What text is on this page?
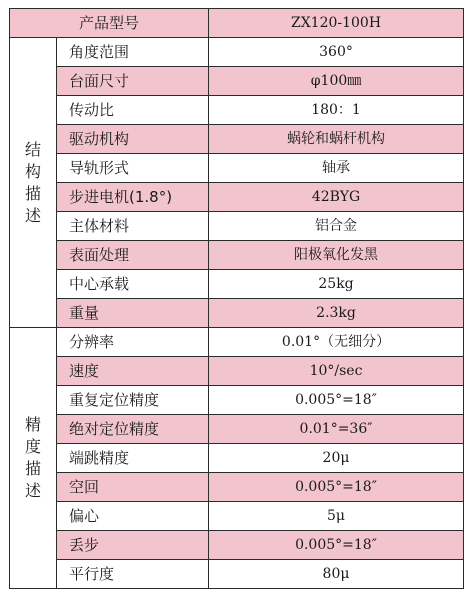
产品型号		ZX120-100H

结
构
描
述	角度范围	360°
	台面尺寸	φ100㎜
	传动比	180：1
	驱动机构	蜗轮和蜗杆机构
	导轨形式	轴承
	步进电机(1.8°)	42BYG
	主体材料	铝合金
	表面处理	阳极氧化发黑
	中心承载	25kg
	重量	2.3kg

精
度
描
述	分辨率	0.01°（无细分）
	速度	10°/sec
	重复定位精度	0.005°=18″
	绝对定位精度	0.01°=36″
	端跳精度	20μ
	空回	0.005°=18″
	偏心	5μ
	丢步	0.005°=18″
	平行度	80μ
